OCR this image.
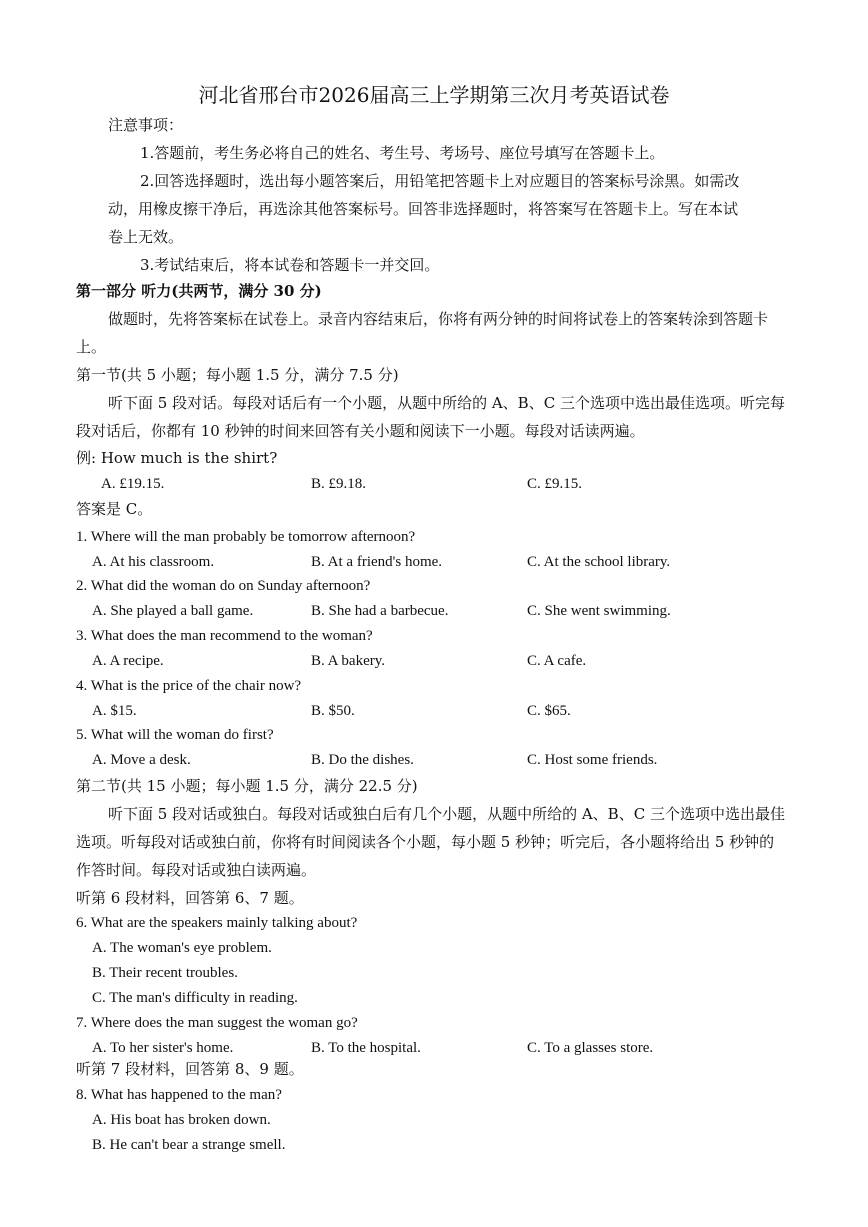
河北省邢台市2026届高三上学期第三次月考英语试卷
注意事项：
1.答题前，考生务必将自己的姓名、考生号、考场号、座位号填写在答题卡上。
2.回答选择题时，选出每小题答案后，用铅笔把答题卡上对应题目的答案标号涂黑。如需改
动，用橡皮擦干净后，再选涂其他答案标号。回答非选择题时，将答案写在答题卡上。写在本试
卷上无效。
3.考试结束后，将本试卷和答题卡一并交回。
第一部分 听力(共两节，满分 30 分)
做题时，先将答案标在试卷上。录音内容结束后，你将有两分钟的时间将试卷上的答案转涂到答题卡
上。
第一节(共 5 小题；每小题 1.5 分，满分 7.5 分)
听下面 5 段对话。每段对话后有一个小题，从题中所给的 A、B、C 三个选项中选出最佳选项。听完每
段对话后，你都有 10 秒钟的时间来回答有关小题和阅读下一小题。每段对话读两遍。
例: How much is the shirt?
A. £19.15.	B. £9.18.	C. £9.15.
答案是 C。
1. Where will the man probably be tomorrow afternoon?
A. At his classroom.	B. At a friend's home.	C. At the school library.
2. What did the woman do on Sunday afternoon?
A. She played a ball game.	B. She had a barbecue.	C. She went swimming.
3. What does the man recommend to the woman?
A. A recipe.	B. A bakery.	C. A cafe.
4. What is the price of the chair now?
A. $15.	B. $50.	C. $65.
5. What will the woman do first?
A. Move a desk.	B. Do the dishes.	C. Host some friends.
第二节(共 15 小题；每小题 1.5 分，满分 22.5 分)
听下面 5 段对话或独白。每段对话或独白后有几个小题，从题中所给的 A、B、C 三个选项中选出最佳
选项。听每段对话或独白前，你将有时间阅读各个小题，每小题 5 秒钟；听完后，各小题将给出 5 秒钟的
作答时间。每段对话或独白读两遍。
听第 6 段材料，回答第 6、7 题。
6. What are the speakers mainly talking about?
A. The woman's eye problem.
B. Their recent troubles.
C. The man's difficulty in reading.
7. Where does the man suggest the woman go?
A. To her sister's home.	B. To the hospital.	C. To a glasses store.
听第 7 段材料，回答第 8、9 题。
8. What has happened to the man?
A. His boat has broken down.
B. He can't bear a strange smell.
